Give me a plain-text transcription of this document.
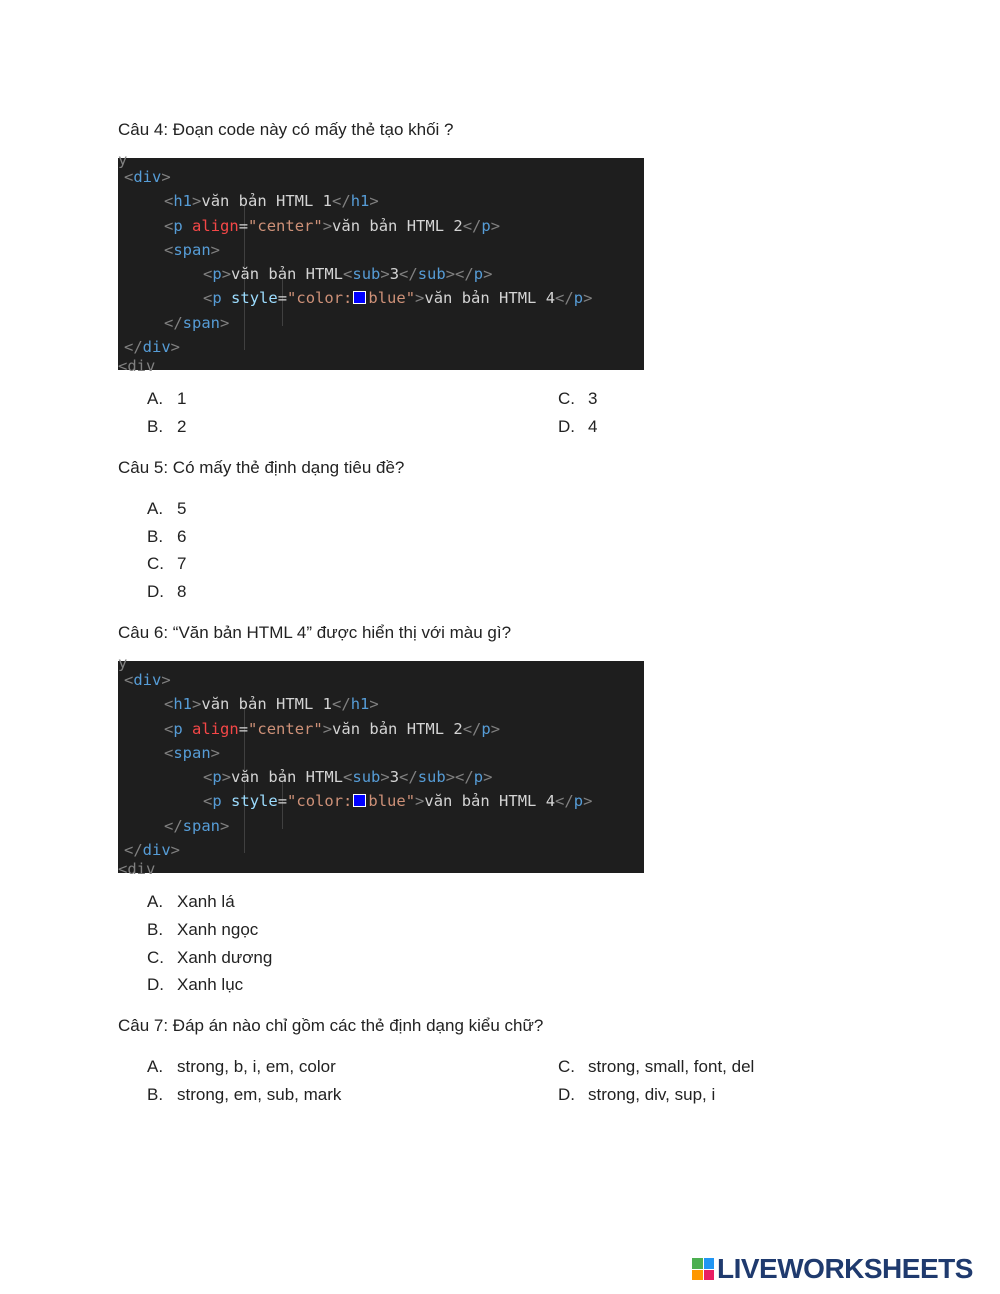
Câu 4: Đoạn code này có mấy thẻ tạo khối ?
y
<div>
<h1>văn bản HTML 1</h1>
<p align="center">văn bản HTML 2</p>
<span>
<p>văn bản HTML<sub>3</sub></p>
<p style="color: blue">văn bản HTML 4</p>
</span>
</div>
<div
A. 1
B. 2
C. 3
D. 4
Câu 5: Có mấy thẻ định dạng tiêu đề?
A. 5
B. 6
C. 7
D. 8
Câu 6: “Văn bản HTML 4” được hiển thị với màu gì?
y
<div>
<h1>văn bản HTML 1</h1>
<p align="center">văn bản HTML 2</p>
<span>
<p>văn bản HTML<sub>3</sub></p>
<p style="color: blue">văn bản HTML 4</p>
</span>
</div>
<div
A. Xanh lá
B. Xanh ngọc
C. Xanh dương
D. Xanh lục
Câu 7: Đáp án nào chỉ gồm các thẻ định dạng kiểu chữ?
A. strong, b, i, em, color
B. strong, em, sub, mark
C. strong, small, font, del
D. strong, div, sup, i
LIVEWORKSHEETS
